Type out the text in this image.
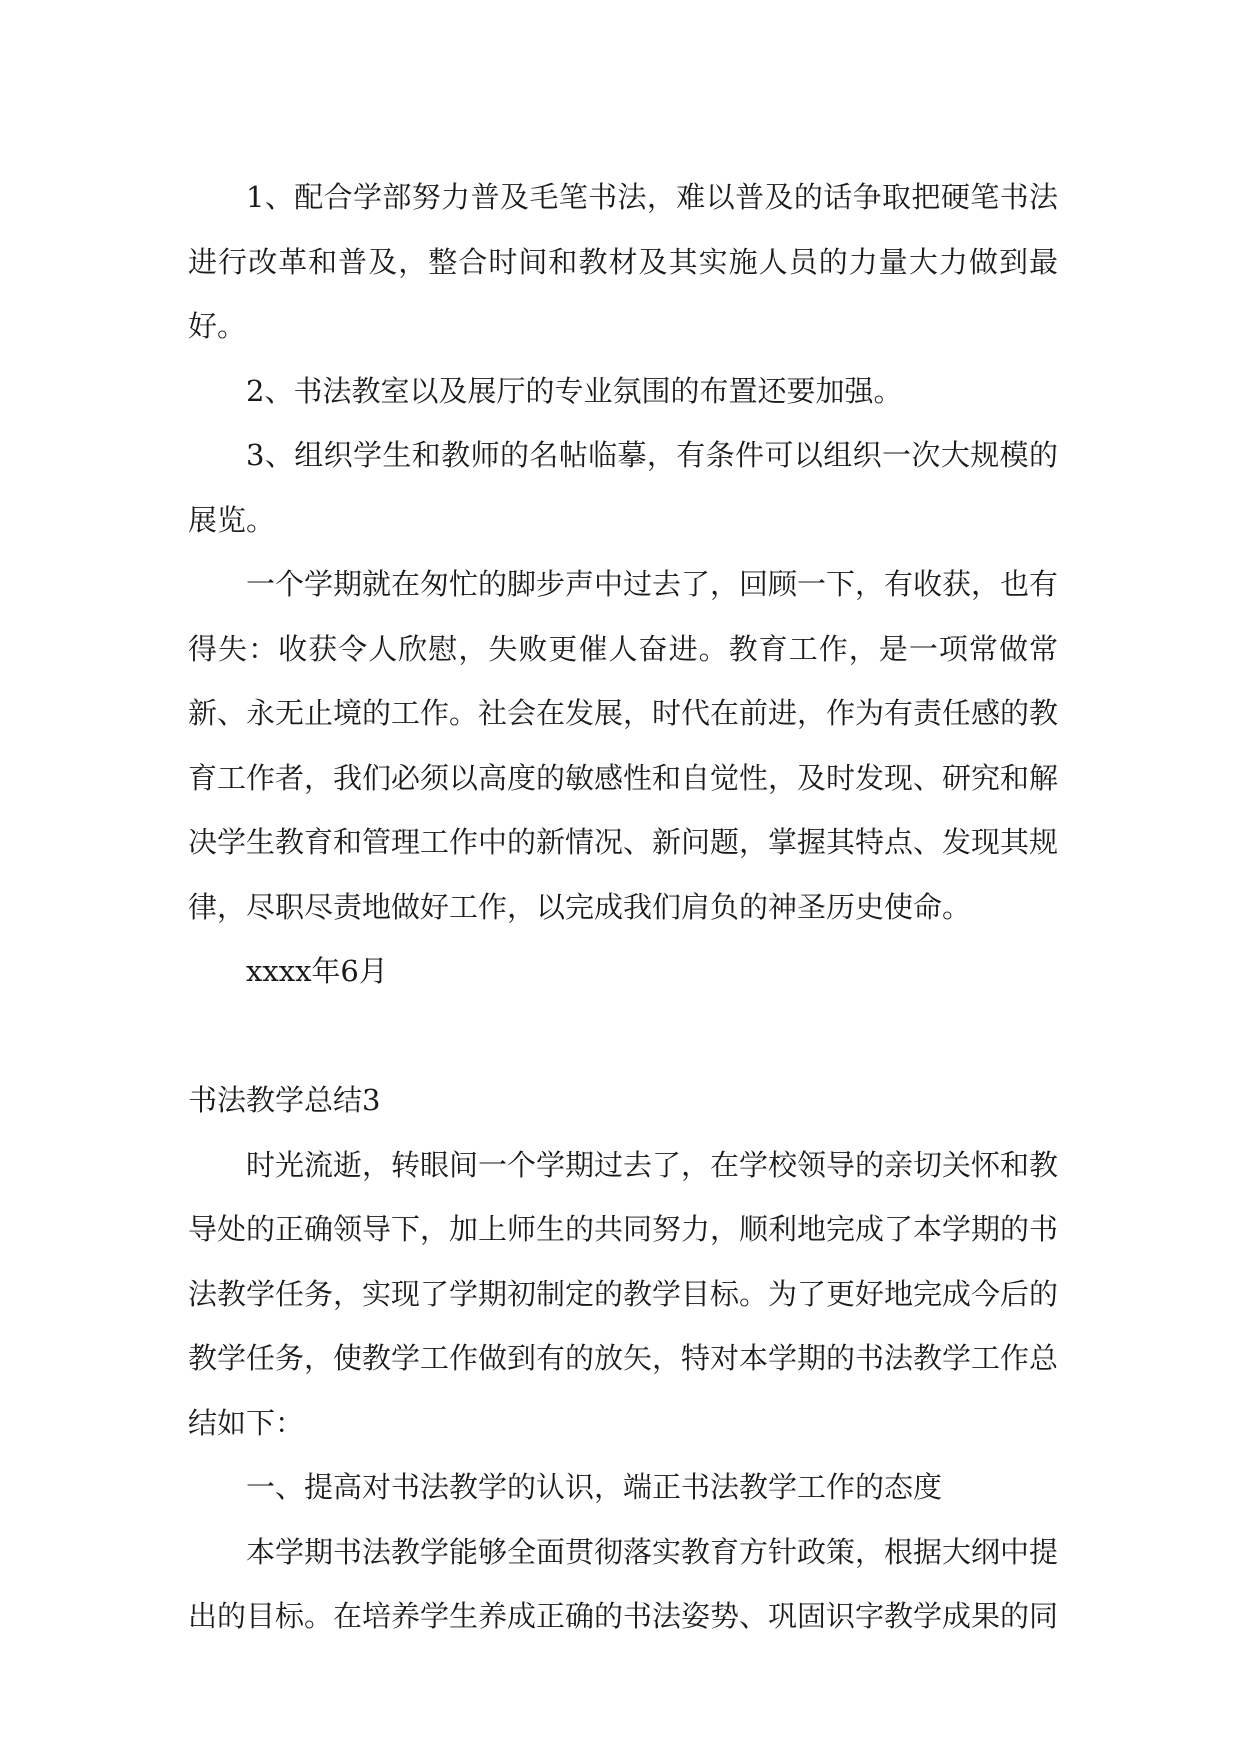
1、配合学部努力普及毛笔书法，难以普及的话争取把硬笔书法进行改革和普及，整合时间和教材及其实施人员的力量大力做到最好。

2、书法教室以及展厅的专业氛围的布置还要加强。

3、组织学生和教师的名帖临摹，有条件可以组织一次大规模的展览。

一个学期就在匆忙的脚步声中过去了，回顾一下，有收获，也有得失：收获令人欣慰，失败更催人奋进。教育工作，是一项常做常新、永无止境的工作。社会在发展，时代在前进，作为有责任感的教育工作者，我们必须以高度的敏感性和自觉性，及时发现、研究和解决学生教育和管理工作中的新情况、新问题，掌握其特点、发现其规律，尽职尽责地做好工作，以完成我们肩负的神圣历史使命。

xxxx年6月

书法教学总结3

时光流逝，转眼间一个学期过去了，在学校领导的亲切关怀和教导处的正确领导下，加上师生的共同努力，顺利地完成了本学期的书法教学任务，实现了学期初制定的教学目标。为了更好地完成今后的教学任务，使教学工作做到有的放矢，特对本学期的书法教学工作总结如下：

一、提高对书法教学的认识，端正书法教学工作的态度

本学期书法教学能够全面贯彻落实教育方针政策，根据大纲中提出的目标。在培养学生养成正确的书法姿势、巩固识字教学成果的同
